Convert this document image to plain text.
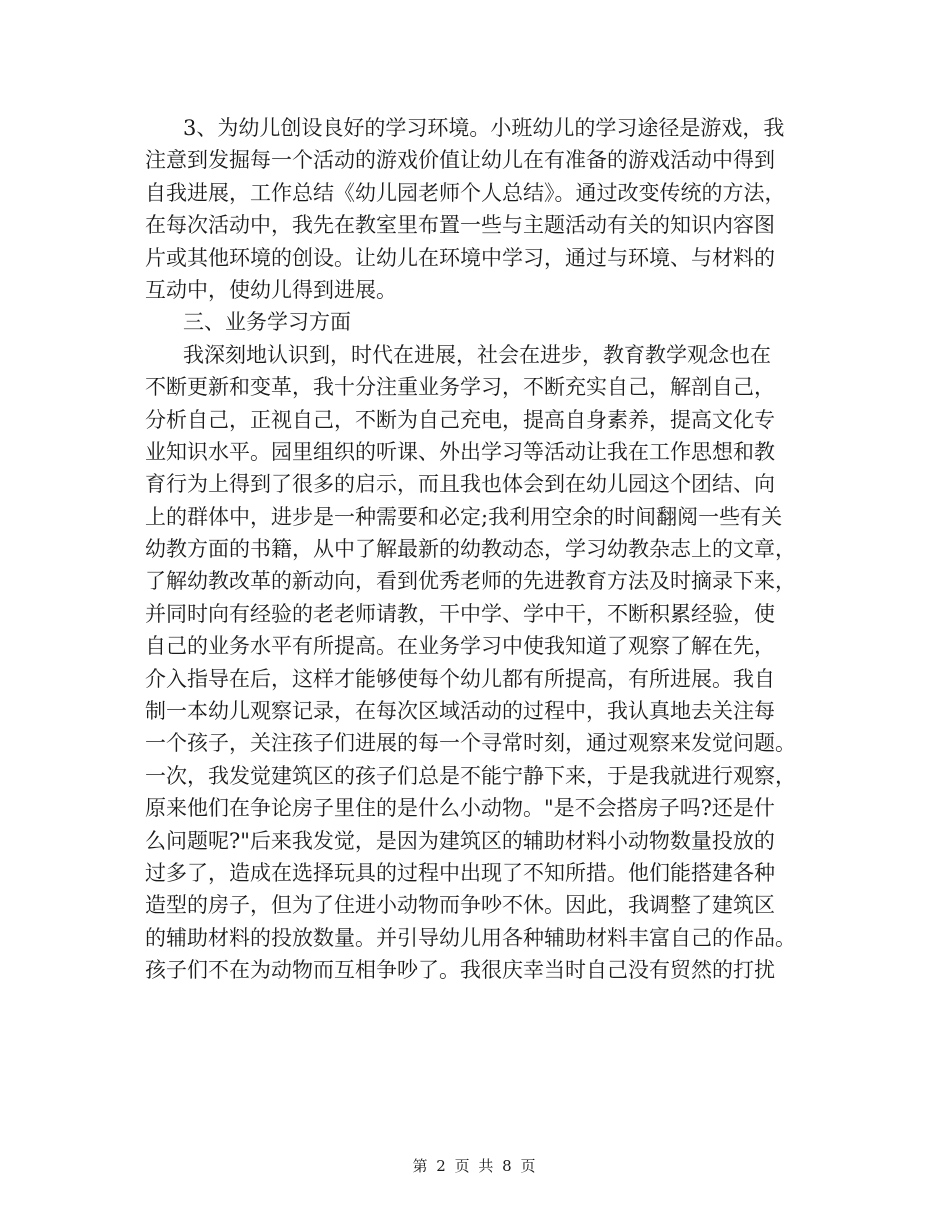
3、为幼儿创设良好的学习环境。小班幼儿的学习途径是游戏，我
注意到发掘每一个活动的游戏价值让幼儿在有准备的游戏活动中得到
自我进展，工作总结《幼儿园老师个人总结》。通过改变传统的方法，
在每次活动中，我先在教室里布置一些与主题活动有关的知识内容图
片或其他环境的创设。让幼儿在环境中学习，通过与环境、与材料的
互动中，使幼儿得到进展。
三、业务学习方面
我深刻地认识到，时代在进展，社会在进步，教育教学观念也在
不断更新和变革，我十分注重业务学习，不断充实自己，解剖自己，
分析自己，正视自己，不断为自己充电，提高自身素养，提高文化专
业知识水平。园里组织的听课、外出学习等活动让我在工作思想和教
育行为上得到了很多的启示，而且我也体会到在幼儿园这个团结、向
上的群体中，进步是一种需要和必定;我利用空余的时间翻阅一些有关
幼教方面的书籍，从中了解最新的幼教动态，学习幼教杂志上的文章，
了解幼教改革的新动向，看到优秀老师的先进教育方法及时摘录下来，
并同时向有经验的老老师请教，干中学、学中干，不断积累经验，使
自己的业务水平有所提高。在业务学习中使我知道了观察了解在先，
介入指导在后，这样才能够使每个幼儿都有所提高，有所进展。我自
制一本幼儿观察记录，在每次区域活动的过程中，我认真地去关注每
一个孩子，关注孩子们进展的每一个寻常时刻，通过观察来发觉问题。
一次，我发觉建筑区的孩子们总是不能宁静下来，于是我就进行观察，
原来他们在争论房子里住的是什么小动物。"是不会搭房子吗?还是什
么问题呢?"后来我发觉，是因为建筑区的辅助材料小动物数量投放的
过多了，造成在选择玩具的过程中出现了不知所措。他们能搭建各种
造型的房子，但为了住进小动物而争吵不休。因此，我调整了建筑区
的辅助材料的投放数量。并引导幼儿用各种辅助材料丰富自己的作品。
孩子们不在为动物而互相争吵了。我很庆幸当时自己没有贸然的打扰
第 2 页 共 8 页
